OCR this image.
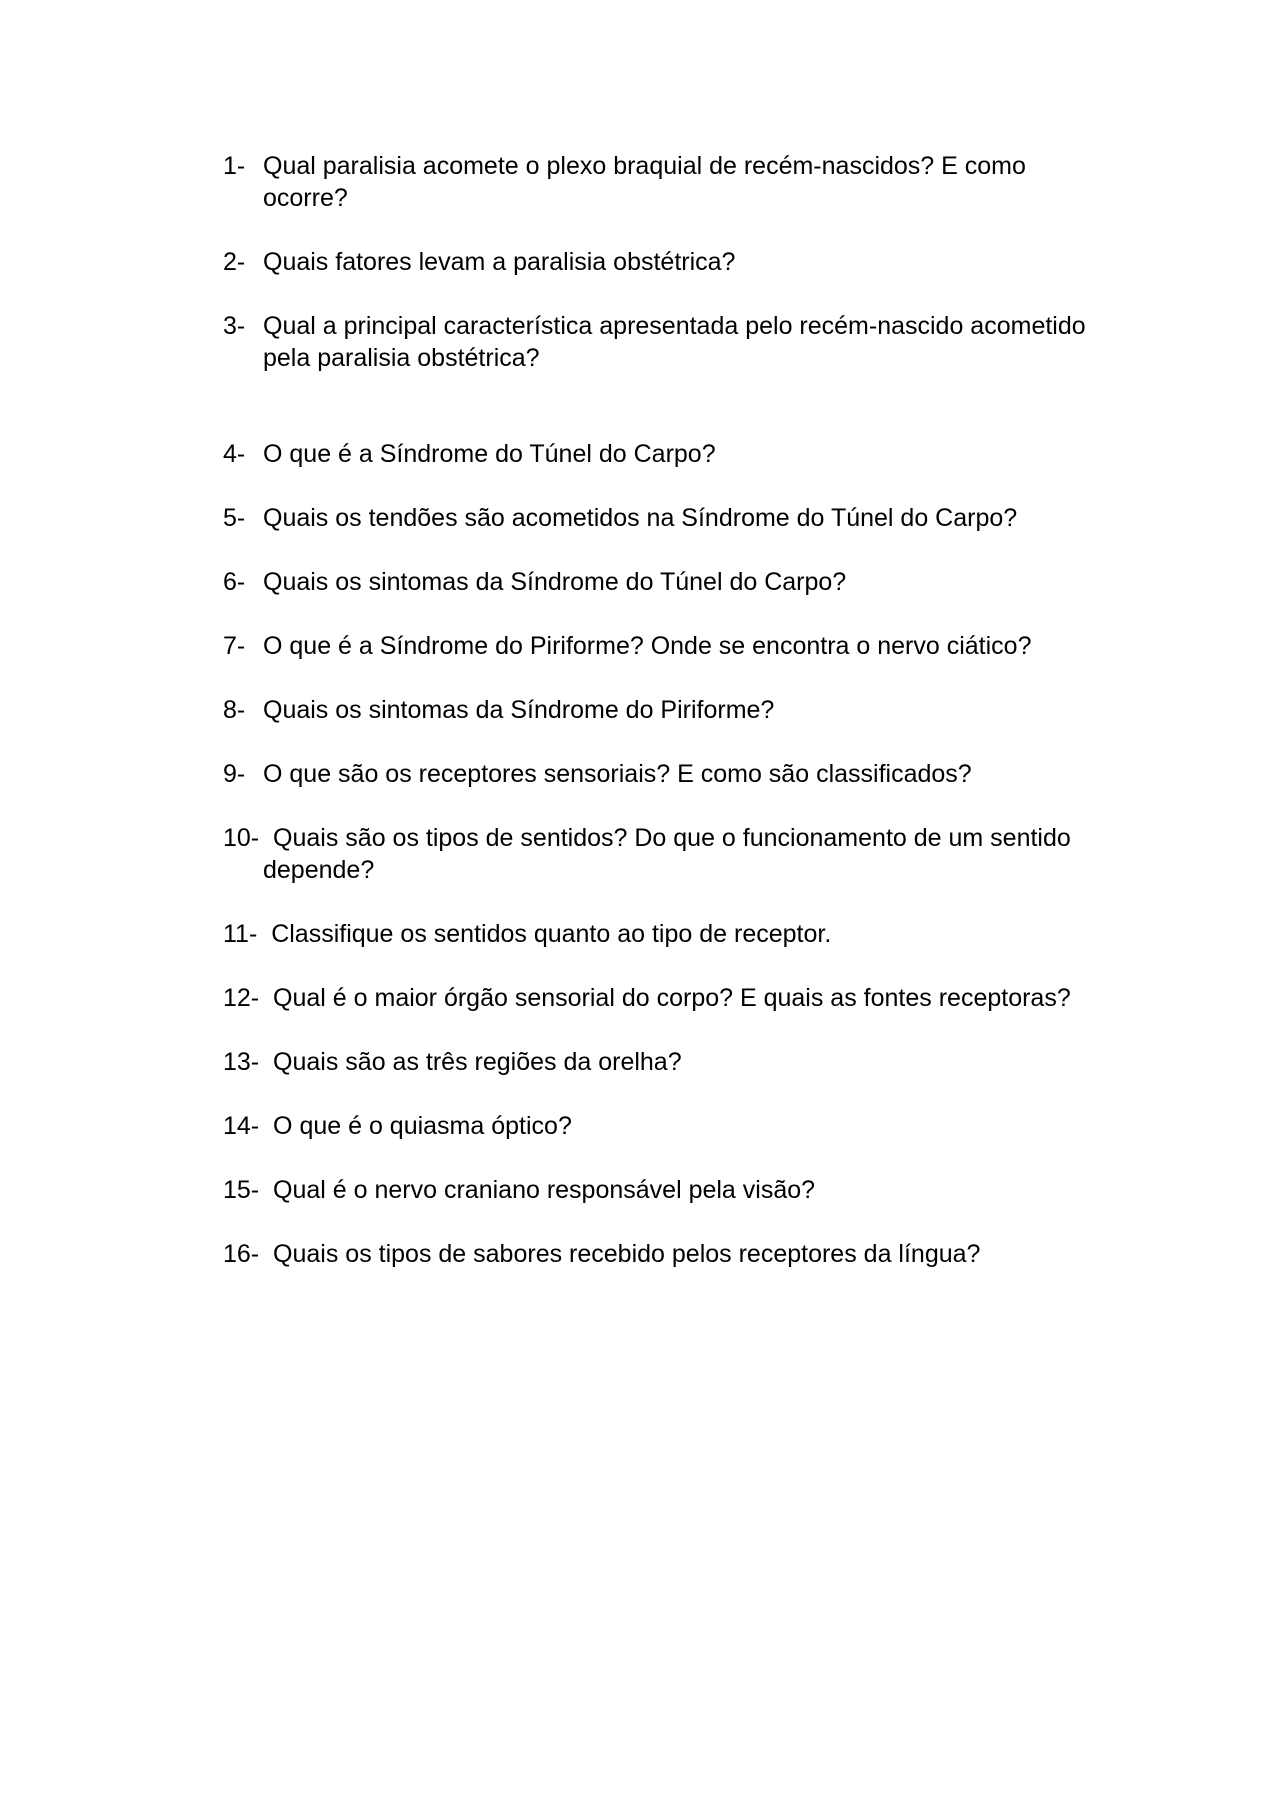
1- Qual paralisia acomete o plexo braquial de recém-nascidos? E como ocorre?
2- Quais fatores levam a paralisia obstétrica?
3- Qual a principal característica apresentada pelo recém-nascido acometido pela paralisia obstétrica?
4- O que é a Síndrome do Túnel do Carpo?
5- Quais os tendões são acometidos na Síndrome do Túnel do Carpo?
6- Quais os sintomas da Síndrome do Túnel do Carpo?
7- O que é a Síndrome do Piriforme? Onde se encontra o nervo ciático?
8- Quais os sintomas da Síndrome do Piriforme?
9- O que são os receptores sensoriais? E como são classificados?
10-  Quais são os tipos de sentidos? Do que o funcionamento de um sentido
depende?
11-  Classifique os sentidos quanto ao tipo de receptor.
12-  Qual é o maior órgão sensorial do corpo? E quais as fontes receptoras?
13-  Quais são as três regiões da orelha?
14-  O que é o quiasma óptico?
15-  Qual é o nervo craniano responsável pela visão?
16-  Quais os tipos de sabores recebido pelos receptores da língua?
